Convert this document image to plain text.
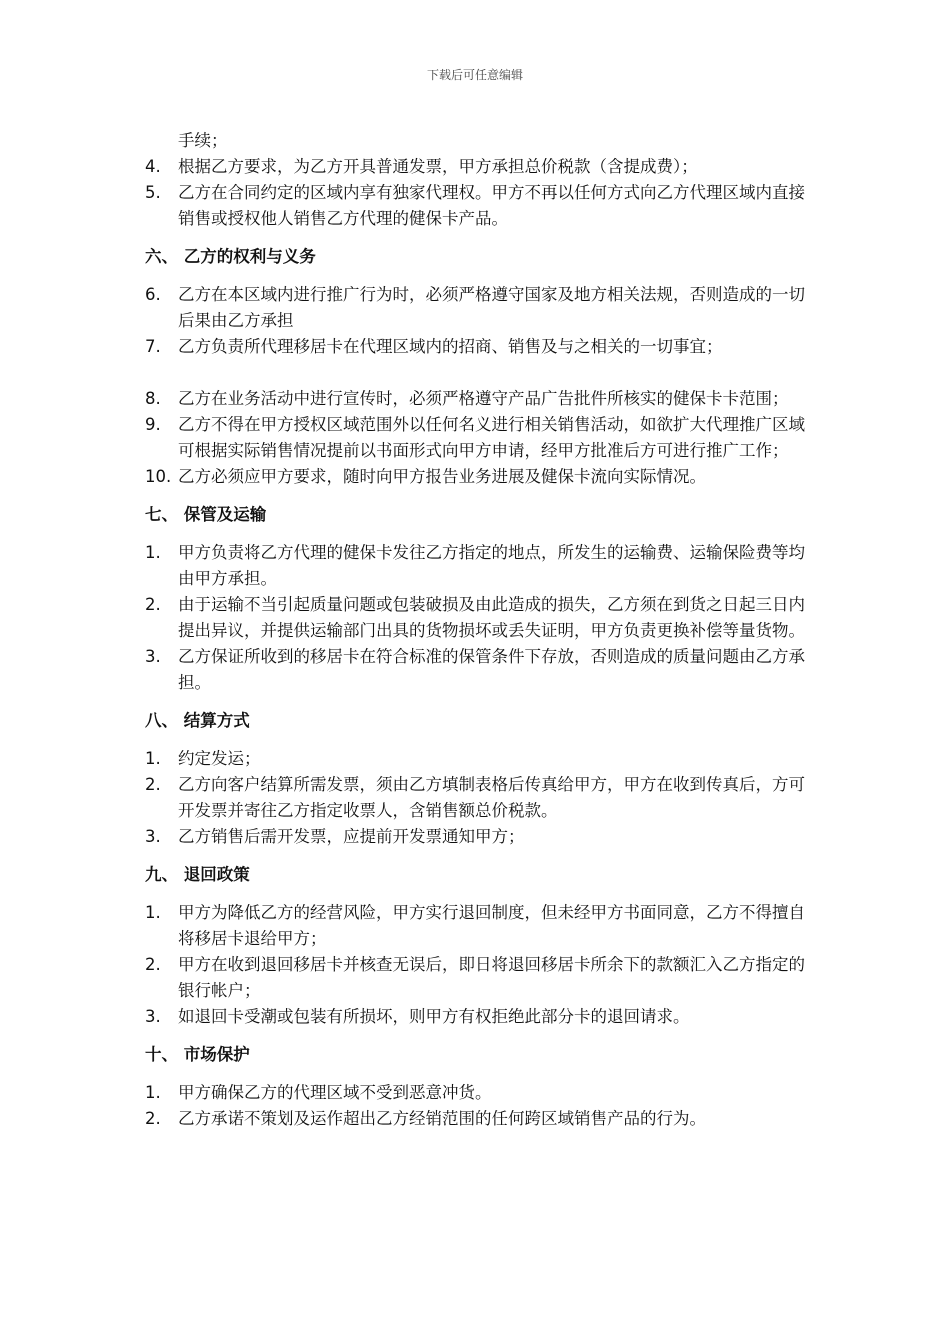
下载后可任意编辑
手续；
4. 根据乙方要求，为乙方开具普通发票，甲方承担总价税款（含提成费）；
5. 乙方在合同约定的区域内享有独家代理权。甲方不再以任何方式向乙方代理区域内直接销售或授权他人销售乙方代理的健保卡产品。
六、 乙方的权利与义务
6. 乙方在本区域内进行推广行为时，必须严格遵守国家及地方相关法规，否则造成的一切后果由乙方承担
7. 乙方负责所代理移居卡在代理区域内的招商、销售及与之相关的一切事宜；
8. 乙方在业务活动中进行宣传时，必须严格遵守产品广告批件所核实的健保卡卡范围；
9. 乙方不得在甲方授权区域范围外以任何名义进行相关销售活动，如欲扩大代理推广区域可根据实际销售情况提前以书面形式向甲方申请，经甲方批准后方可进行推广工作；
10. 乙方必须应甲方要求，随时向甲方报告业务进展及健保卡流向实际情况。
七、 保管及运输
1. 甲方负责将乙方代理的健保卡发往乙方指定的地点，所发生的运输费、运输保险费等均由甲方承担。
2. 由于运输不当引起质量问题或包装破损及由此造成的损失，乙方须在到货之日起三日内提出异议，并提供运输部门出具的货物损坏或丢失证明，甲方负责更换补偿等量货物。
3. 乙方保证所收到的移居卡在符合标准的保管条件下存放，否则造成的质量问题由乙方承担。
八、 结算方式
1. 约定发运；
2. 乙方向客户结算所需发票，须由乙方填制表格后传真给甲方，甲方在收到传真后，方可开发票并寄往乙方指定收票人，含销售额总价税款。
3. 乙方销售后需开发票，应提前开发票通知甲方；
九、 退回政策
1. 甲方为降低乙方的经营风险，甲方实行退回制度，但未经甲方书面同意，乙方不得擅自将移居卡退给甲方；
2. 甲方在收到退回移居卡并核查无误后，即日将退回移居卡所余下的款额汇入乙方指定的银行帐户；
3. 如退回卡受潮或包装有所损坏，则甲方有权拒绝此部分卡的退回请求。
十、 市场保护
1. 甲方确保乙方的代理区域不受到恶意冲货。
2. 乙方承诺不策划及运作超出乙方经销范围的任何跨区域销售产品的行为。
